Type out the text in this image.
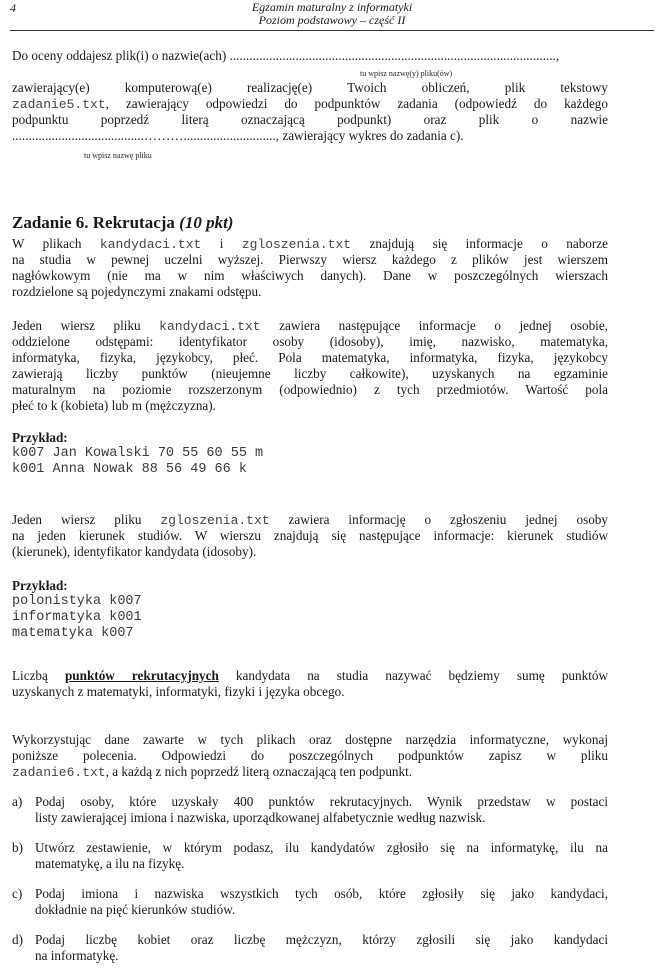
4	Egzamin maturalny z informatyki
Poziom podstawowy – część II
Do oceny oddajesz plik(i) o nazwie(ach) ...................................................................................................,
tu wpisz nazwę(y) pliku(ów)
zawierający(e) komputerową(e) realizację(e) Twoich obliczeń, plik tekstowy
zadanie5.txt, zawierający odpowiedzi do podpunktów zadania (odpowiedź do każdego
podpunktu poprzedź literą oznaczającą podpunkt) oraz plik o nazwie
........................................………............................, zawierający wykres do zadania c).
tu wpisz nazwę pliku
Zadanie 6. Rekrutacja (10 pkt)
W plikach kandydaci.txt i zgloszenia.txt znajdują się informacje o naborze
na studia w pewnej uczelni wyższej. Pierwszy wiersz każdego z plików jest wierszem
nagłówkowym (nie ma w nim właściwych danych). Dane w poszczególnych wierszach
rozdzielone są pojedynczymi znakami odstępu.
Jeden wiersz pliku kandydaci.txt zawiera następujące informacje o jednej osobie,
oddzielone odstępami: identyfikator osoby (idosoby), imię, nazwisko, matematyka,
informatyka, fizyka, językobcy, płeć. Pola matematyka, informatyka, fizyka, językobcy
zawierają liczby punktów (nieujemne liczby całkowite), uzyskanych na egzaminie
maturalnym na poziomie rozszerzonym (odpowiednio) z tych przedmiotów. Wartość pola
płeć to k (kobieta) lub m (mężczyzna).
Przykład:
k007 Jan Kowalski 70 55 60 55 m
k001 Anna Nowak 88 56 49 66 k
Jeden wiersz pliku zgloszenia.txt zawiera informację o zgłoszeniu jednej osoby
na jeden kierunek studiów. W wierszu znajdują się następujące informacje: kierunek studiów
(kierunek), identyfikator kandydata (idosoby).
Przykład:
polonistyka k007
informatyka k001
matematyka k007
Liczbą punktów rekrutacyjnych kandydata na studia nazywać będziemy sumę punktów
uzyskanych z matematyki, informatyki, fizyki i języka obcego.
Wykorzystując dane zawarte w tych plikach oraz dostępne narzędzia informatyczne, wykonaj
poniższe polecenia. Odpowiedzi do poszczególnych podpunktów zapisz w pliku
zadanie6.txt, a każdą z nich poprzedź literą oznaczającą ten podpunkt.
a) Podaj osoby, które uzyskały 400 punktów rekrutacyjnych. Wynik przedstaw w postaci
listy zawierającej imiona i nazwiska, uporządkowanej alfabetycznie według nazwisk.
b) Utwórz zestawienie, w którym podasz, ilu kandydatów zgłosiło się na informatykę, ilu na
matematykę, a ilu na fizykę.
c) Podaj imiona i nazwiska wszystkich tych osób, które zgłosiły się jako kandydaci,
dokładnie na pięć kierunków studiów.
d) Podaj liczbę kobiet oraz liczbę mężczyzn, którzy zgłosili się jako kandydaci
na informatykę.
